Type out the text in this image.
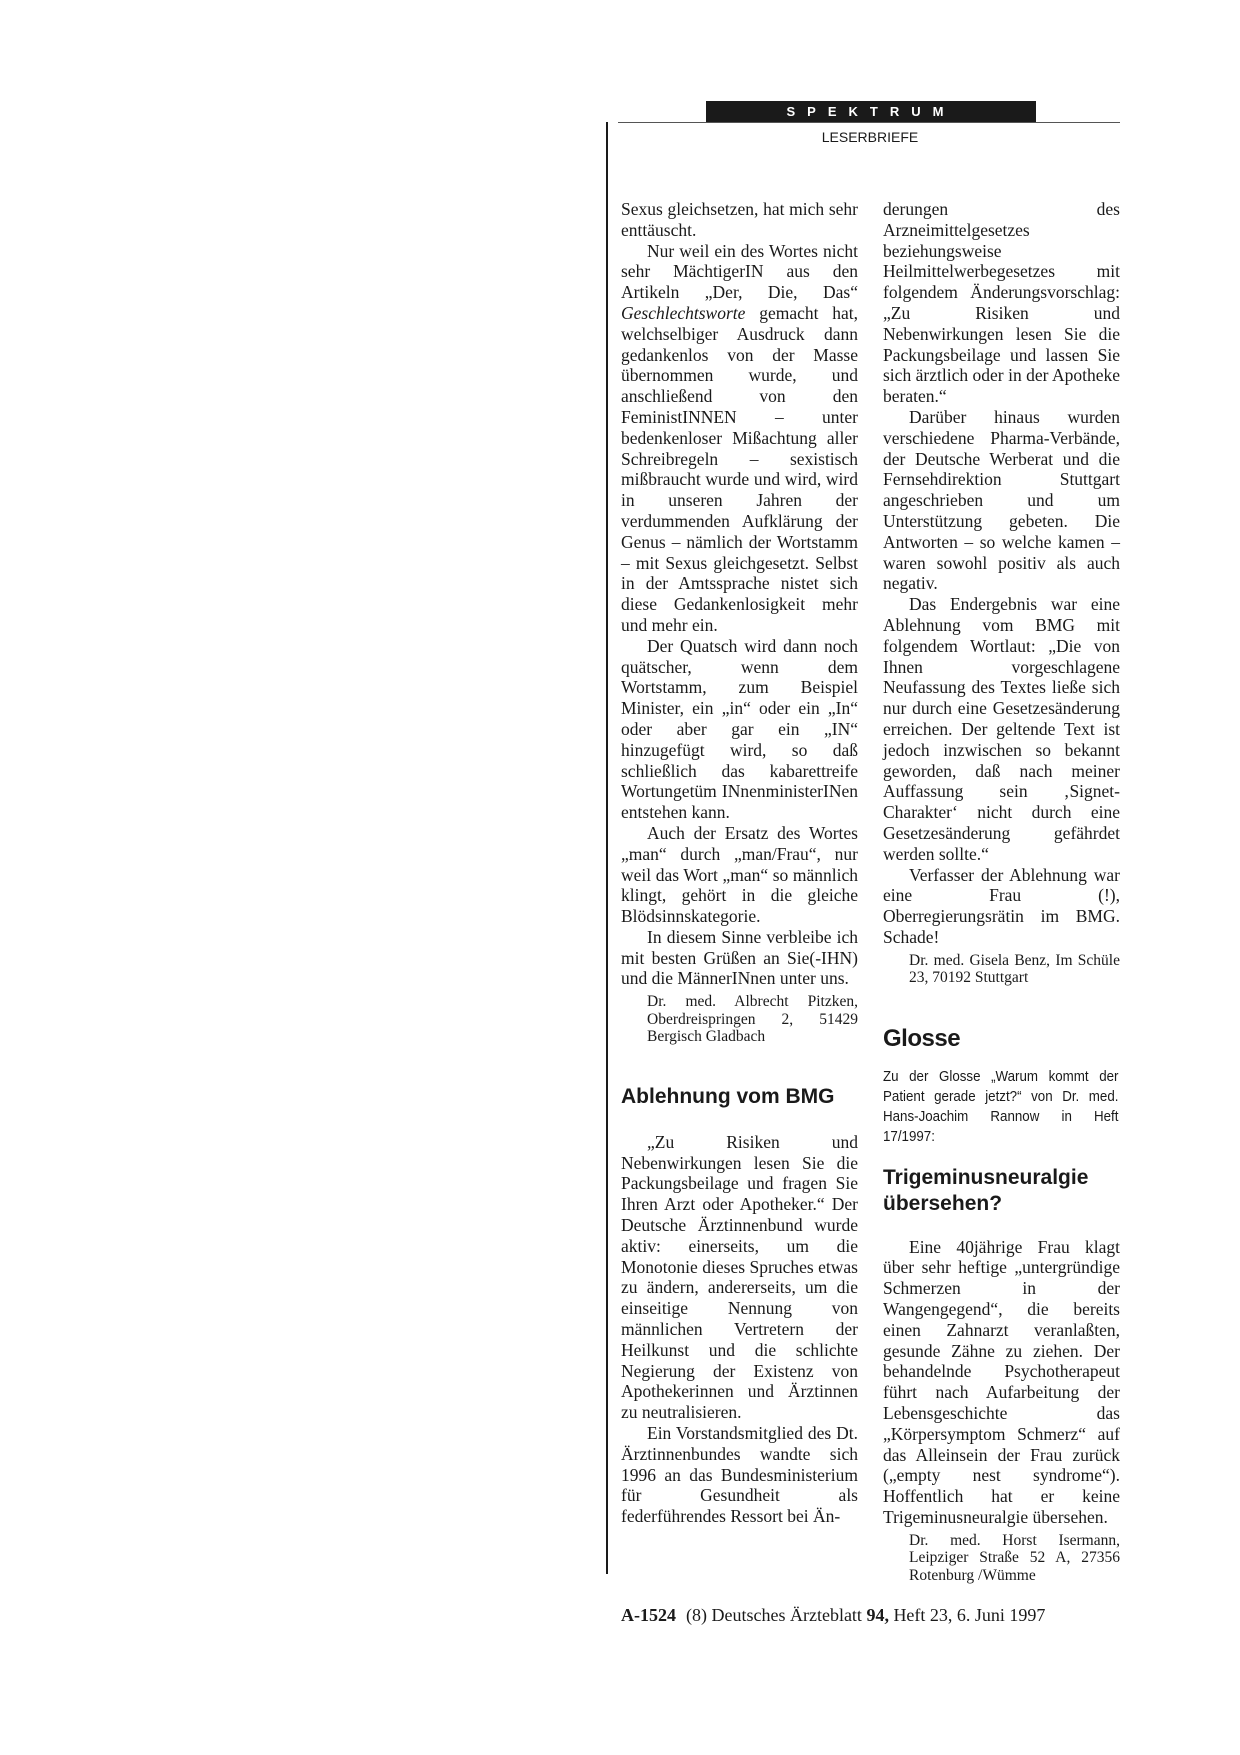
SPEKTRUM
LESERBRIEFE

Sexus gleichsetzen, hat mich sehr enttäuscht.

Nur weil ein des Wortes nicht sehr MächtigerIN aus den Artikeln „Der, Die, Das“ Geschlechtsworte gemacht hat, welchselbiger Ausdruck dann gedankenlos von der Masse übernommen wurde, und anschließend von den FeministINNEN – unter bedenkenloser Mißachtung aller Schreibregeln – sexistisch mißbraucht wurde und wird, wird in unseren Jahren der verdummenden Aufklärung der Genus – nämlich der Wortstamm – mit Sexus gleichgesetzt. Selbst in der Amtssprache nistet sich diese Gedankenlosigkeit mehr und mehr ein.

Der Quatsch wird dann noch quätscher, wenn dem Wortstamm, zum Beispiel Minister, ein „in“ oder ein „In“ oder aber gar ein „IN“ hinzugefügt wird, so daß schließlich das kabarettreife Wortungetüm INnenministerINen entstehen kann.

Auch der Ersatz des Wortes „man“ durch „man/Frau“, nur weil das Wort „man“ so männlich klingt, gehört in die gleiche Blödsinnskategorie.

In diesem Sinne verbleibe ich mit besten Grüßen an Sie(-IHN) und die MännerINnen unter uns.

Dr. med. Albrecht Pitzken, Oberdreispringen 2, 51429 Bergisch Gladbach
Ablehnung vom BMG

„Zu Risiken und Nebenwirkungen lesen Sie die Packungsbeilage und fragen Sie Ihren Arzt oder Apotheker.“ Der Deutsche Ärztinnenbund wurde aktiv: einerseits, um die Monotonie dieses Spruches etwas zu ändern, andererseits, um die einseitige Nennung von männlichen Vertretern der Heilkunst und die schlichte Negierung der Existenz von Apothekerinnen und Ärztinnen zu neutralisieren.

Ein Vorstandsmitglied des Dt. Ärztinnenbundes wandte sich 1996 an das Bundesministerium für Gesundheit als federführendes Ressort bei Än-

derungen des Arzneimittelgesetzes beziehungsweise Heilmittelwerbegesetzes mit folgendem Änderungsvorschlag: „Zu Risiken und Nebenwirkungen lesen Sie die Packungsbeilage und lassen Sie sich ärztlich oder in der Apotheke beraten.“

Darüber hinaus wurden verschiedene Pharma-Verbände, der Deutsche Werberat und die Fernsehdirektion Stuttgart angeschrieben und um Unterstützung gebeten. Die Antworten – so welche kamen – waren sowohl positiv als auch negativ.

Das Endergebnis war eine Ablehnung vom BMG mit folgendem Wortlaut: „Die von Ihnen vorgeschlagene Neufassung des Textes ließe sich nur durch eine Gesetzesänderung erreichen. Der geltende Text ist jedoch inzwischen so bekannt geworden, daß nach meiner Auffassung sein ‚Signet-Charakter‘ nicht durch eine Gesetzesänderung gefährdet werden sollte.“

Verfasser der Ablehnung war eine Frau (!), Oberregierungsrätin im BMG. Schade!

Dr. med. Gisela Benz, Im Schüle 23, 70192 Stuttgart
Glosse
Zu der Glosse „Warum kommt der Patient gerade jetzt?“ von Dr. med. Hans-Joachim Rannow in Heft 17/1997:
Trigeminusneuralgie übersehen?

Eine 40jährige Frau klagt über sehr heftige „untergründige Schmerzen in der Wangengegend“, die bereits einen Zahnarzt veranlaßten, gesunde Zähne zu ziehen. Der behandelnde Psychotherapeut führt nach Aufarbeitung der Lebensgeschichte das „Körpersymptom Schmerz“ auf das Alleinsein der Frau zurück („empty nest syndrome“). Hoffentlich hat er keine Trigeminusneuralgie übersehen.

Dr. med. Horst Isermann, Leipziger Straße 52 A, 27356 Rotenburg /Wümme
A-1524 (8) Deutsches Ärzteblatt 94, Heft 23, 6. Juni 1997
